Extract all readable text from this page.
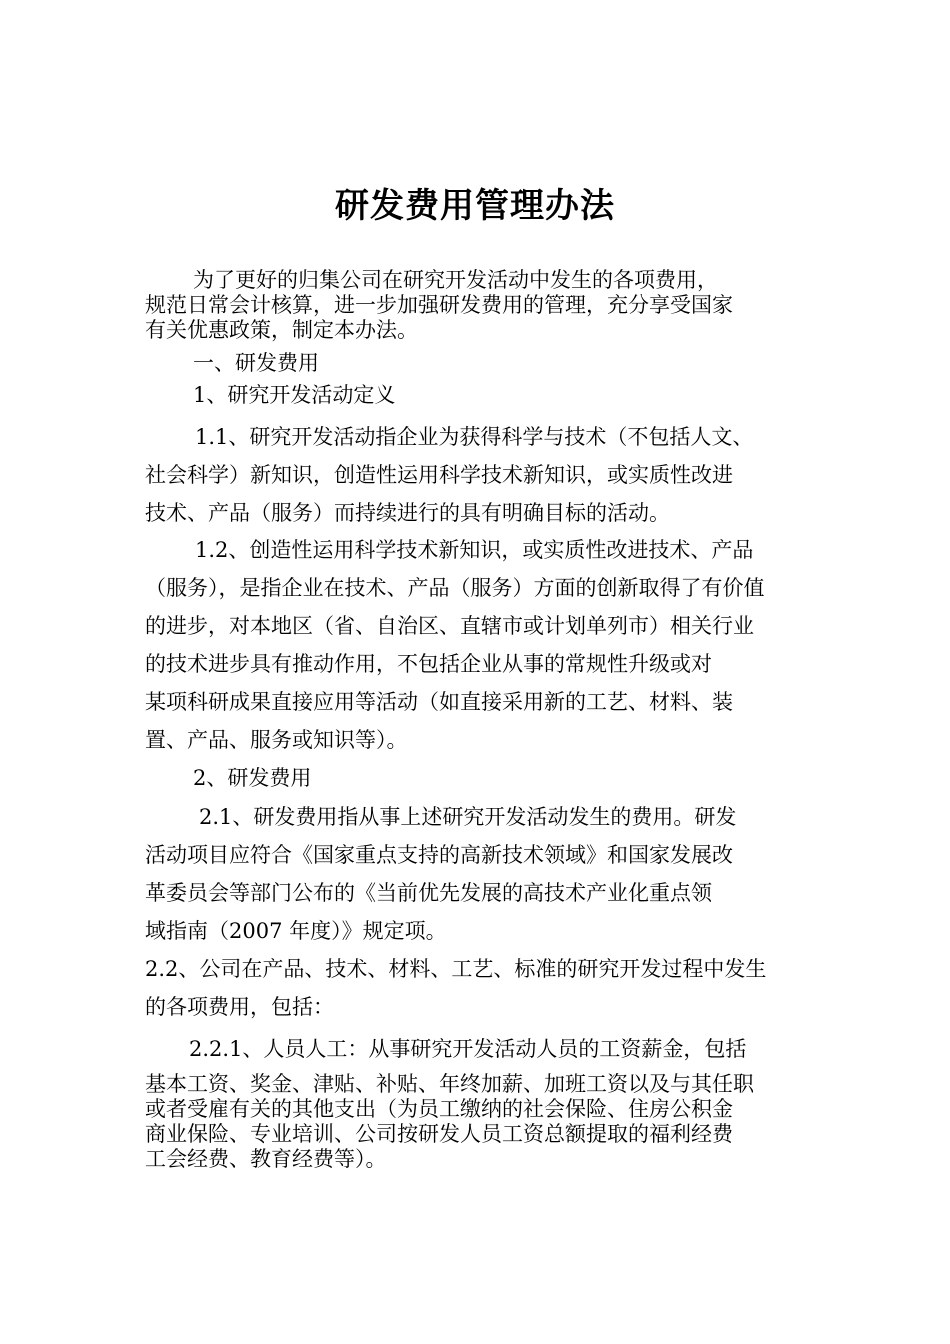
研发费用管理办法
为了更好的归集公司在研究开发活动中发生的各项费用，
规范日常会计核算，进一步加强研发费用的管理，充分享受国家
有关优惠政策，制定本办法。
一、研发费用
1、研究开发活动定义
1.1、研究开发活动指企业为获得科学与技术（不包括人文、
社会科学）新知识，创造性运用科学技术新知识，或实质性改进
技术、产品（服务）而持续进行的具有明确目标的活动。
1.2、创造性运用科学技术新知识，或实质性改进技术、产品
（服务），是指企业在技术、产品（服务）方面的创新取得了有价值
的进步，对本地区（省、自治区、直辖市或计划单列市）相关行业
的技术进步具有推动作用，不包括企业从事的常规性升级或对
某项科研成果直接应用等活动（如直接采用新的工艺、材料、装
置、产品、服务或知识等）。
2、研发费用
2.1、研发费用指从事上述研究开发活动发生的费用。研发
活动项目应符合《国家重点支持的高新技术领域》和国家发展改
革委员会等部门公布的《当前优先发展的高技术产业化重点领
域指南（2007 年度）》规定项。
2.2、公司在产品、技术、材料、工艺、标准的研究开发过程中发生
的各项费用，包括：
2.2.1、人员人工：从事研究开发活动人员的工资薪金，包括
基本工资、奖金、津贴、补贴、年终加薪、加班工资以及与其任职
或者受雇有关的其他支出（为员工缴纳的社会保险、住房公积金
商业保险、专业培训、公司按研发人员工资总额提取的福利经费
工会经费、教育经费等）。
